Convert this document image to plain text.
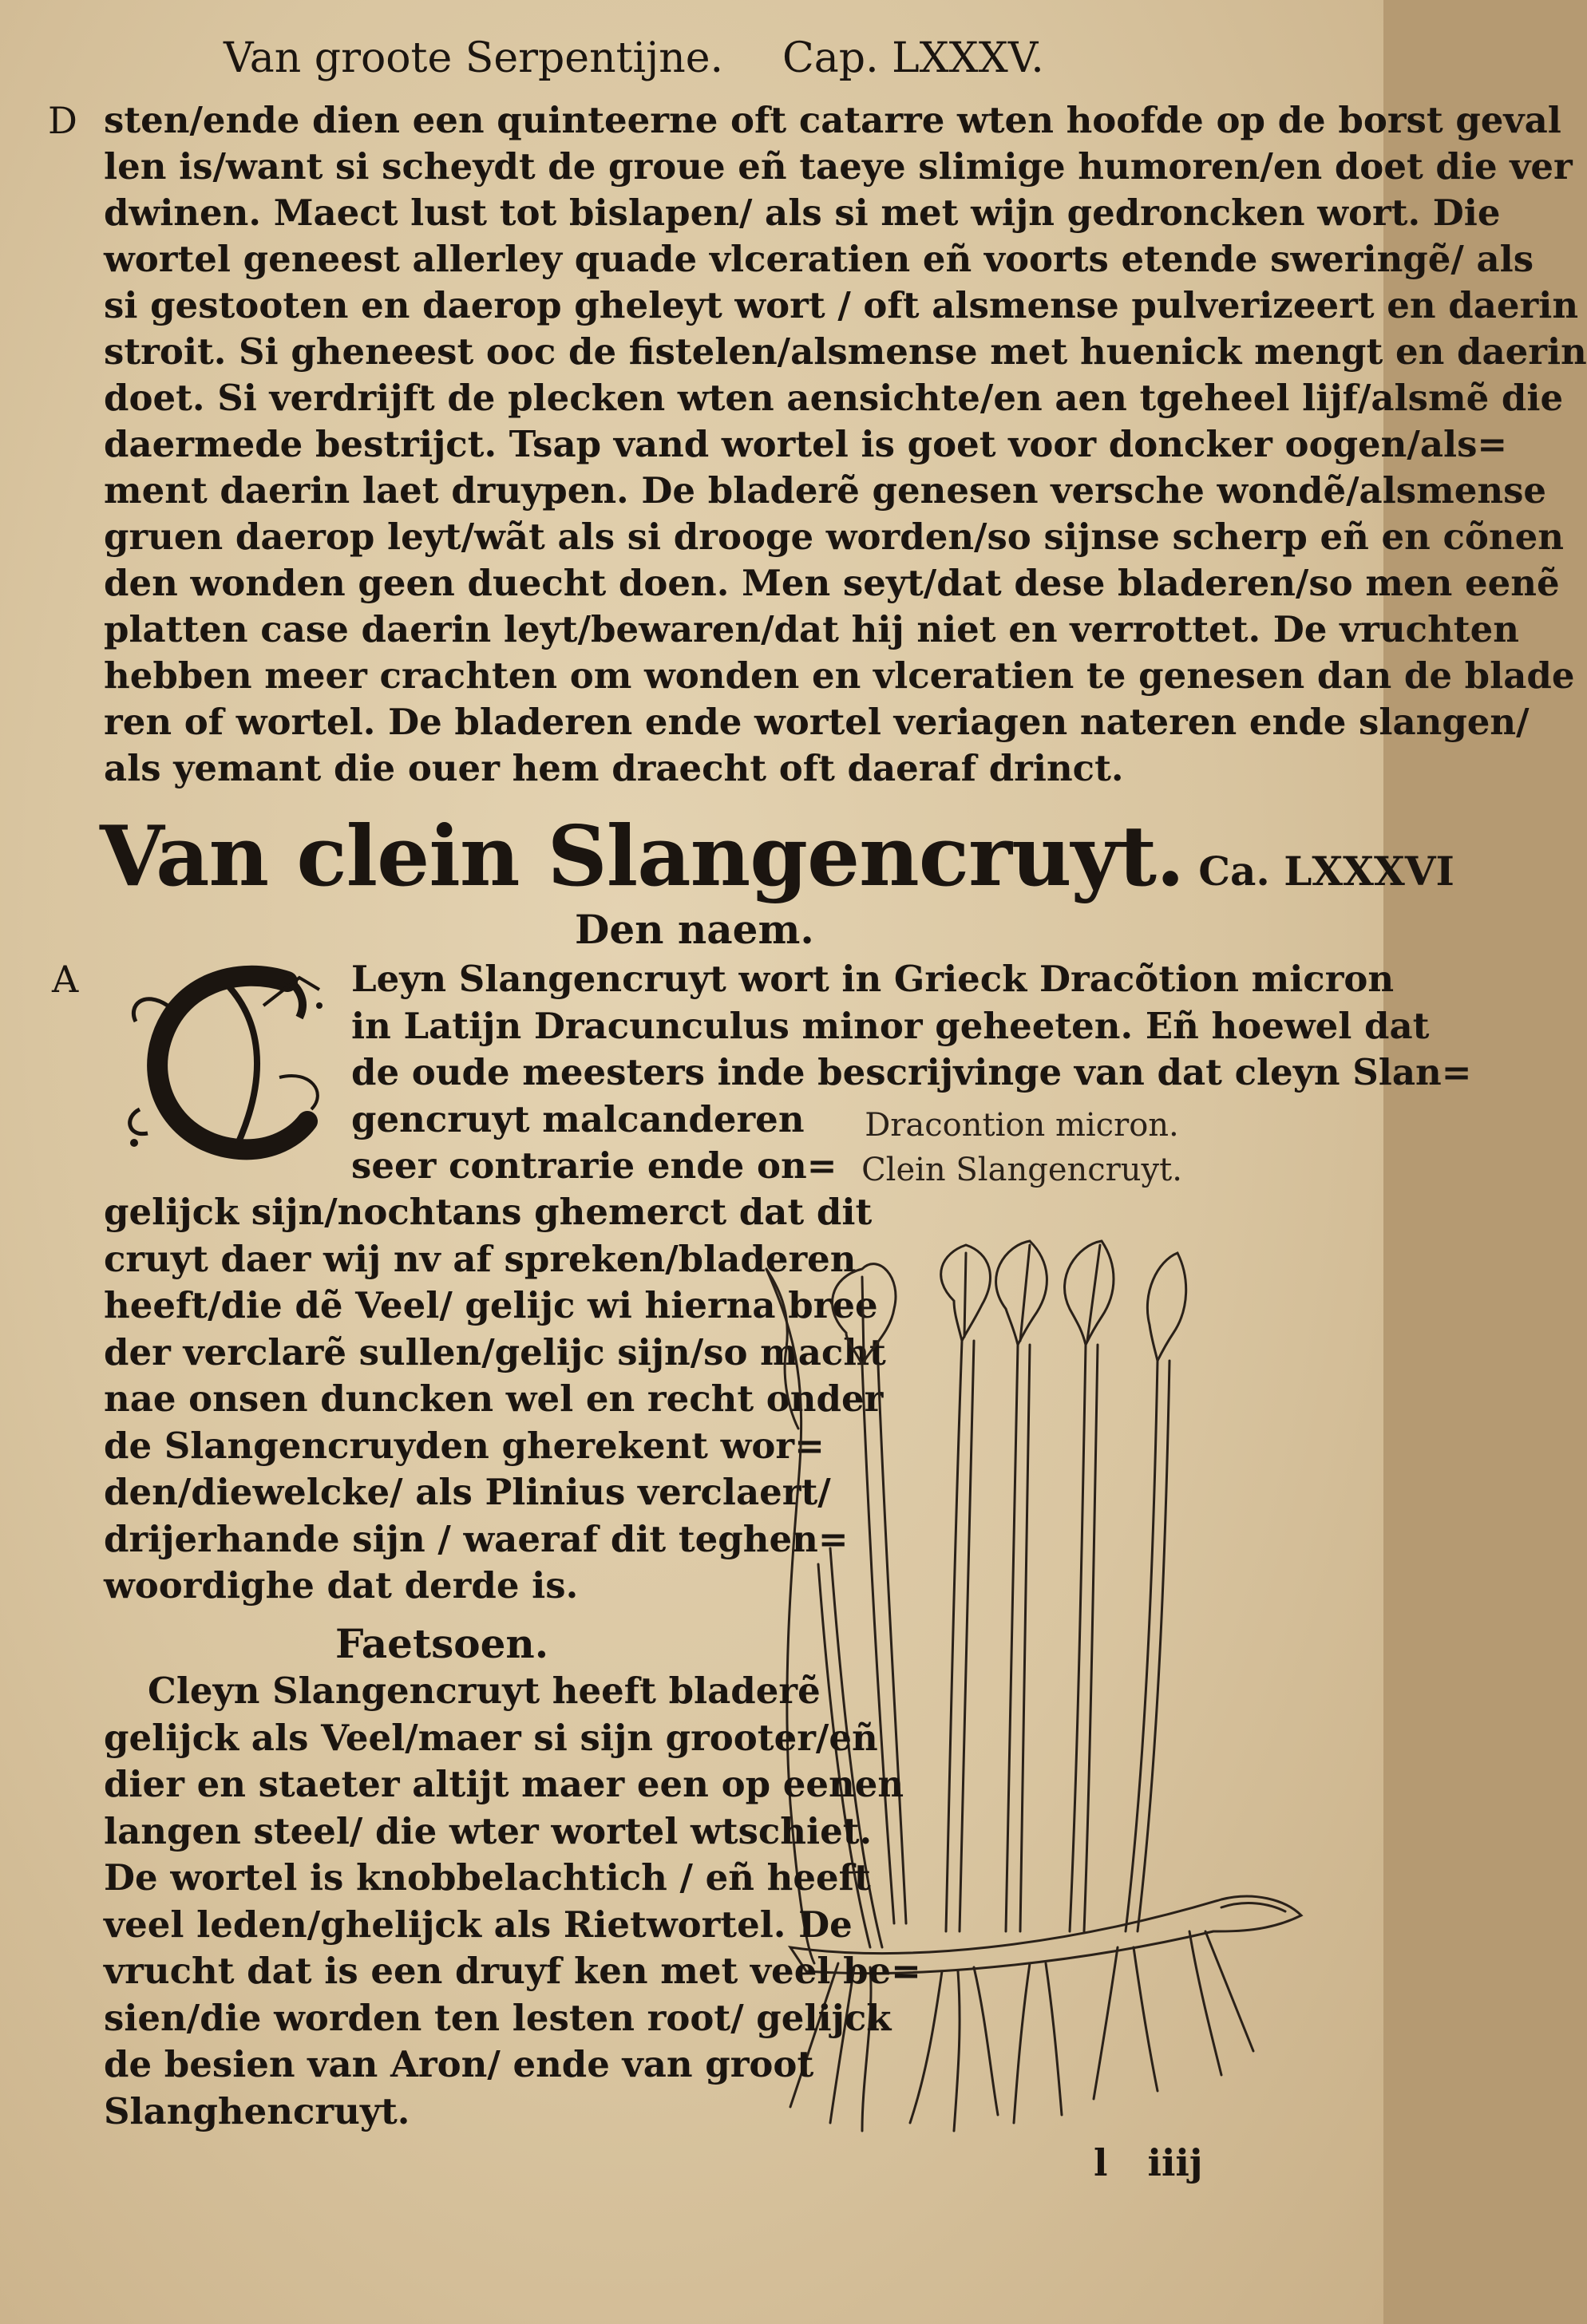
Van groote Serpentijne. Cap. LXXXV.
D sten/ende dien een quinteerne oft catarre wten hoofde op de borst geval
len is/want si scheydt de groue eñ taeye slimige humoren/en doet die ver
dwinen. Maect lust tot bislapen/ als si met wijn gedroncken wort. Die
wortel geneest allerley quade vlceratien eñ voorts etende sweringẽ/ als
si gestooten en daerop gheleyt wort / oft alsmense pulverizeert en daerin
stroit. Si gheneest ooc de fistelen/alsmense met huenick mengt en daerin
doet. Si verdrijft de plecken wten aensichte/en aen tgeheel lijf/alsmẽ die
daermede bestrijct. Tsap vand wortel is goet voor doncker oogen/als=
ment daerin laet druypen. De bladerẽ genesen versche wondẽ/alsmense
gruen daerop leyt/wãt als si drooge worden/so sijnse scherp eñ en cõnen
den wonden geen duecht doen. Men seyt/dat dese bladeren/so men eenẽ
platten case daerin leyt/bewaren/dat hij niet en verrottet. De vruchten
hebben meer crachten om wonden en vlceratien te genesen dan de blade
ren of wortel. De bladeren ende wortel veriagen nateren ende slangen/
als yemant die ouer hem draecht oft daeraf drinct.
Van clein Slangencruyt. Ca. LXXXVI
Den naem.
A	Leyn Slangencruyt wort in Grieck Dracõtion micron
in Latijn Dracunculus minor geheeten. Eñ hoewel dat
de oude meesters inde bescrijvinge van dat cleyn Slan=
gencruyt malcanderen
seer contrarie ende on=
gelijck sijn/nochtans ghemerct dat dit
cruyt daer wij nv af spreken/bladeren
heeft/die dẽ Veel/ gelijc wi hierna bree
der verclarẽ sullen/gelijc sijn/so macht
nae onsen duncken wel en recht onder
de Slangencruyden gherekent wor=
den/diewelcke/ als Plinius verclaert/
drijerhande sijn / waeraf dit teghen=
woordighe dat derde is.
Dracontion micron.
Clein Slangencruyt.
Faetsoen.
Cleyn Slangencruyt heeft bladerẽ
gelijck als Veel/maer si sijn grooter/eñ
dier en staeter altijt maer een op eenen
langen steel/ die wter wortel wtschiet.
De wortel is knobbelachtich / eñ heeft
veel leden/ghelijck als Rietwortel. De
vrucht dat is een druyf ken met veel be=
sien/die worden ten lesten root/ gelijck
de besien van Aron/ ende van groot
Slanghencruyt.
l iiij
